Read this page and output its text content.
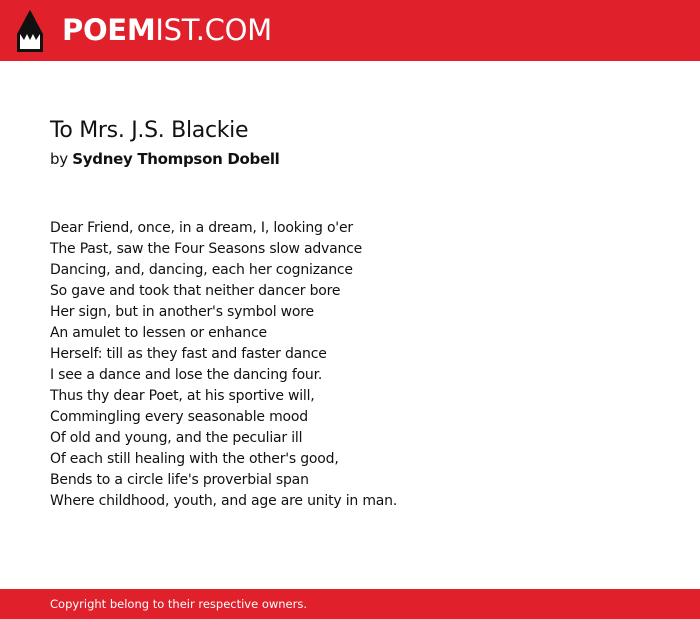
POEMIST.COM
To Mrs. J.S. Blackie
by Sydney Thompson Dobell
Dear Friend, once, in a dream, I, looking o'er
The Past, saw the Four Seasons slow advance
Dancing, and, dancing, each her cognizance
So gave and took that neither dancer bore
Her sign, but in another's symbol wore
An amulet to lessen or enhance
Herself: till as they fast and faster dance
I see a dance and lose the dancing four.
Thus thy dear Poet, at his sportive will,
Commingling every seasonable mood
Of old and young, and the peculiar ill
Of each still healing with the other's good,
Bends to a circle life's proverbial span
Where childhood, youth, and age are unity in man.
Copyright belong to their respective owners.
